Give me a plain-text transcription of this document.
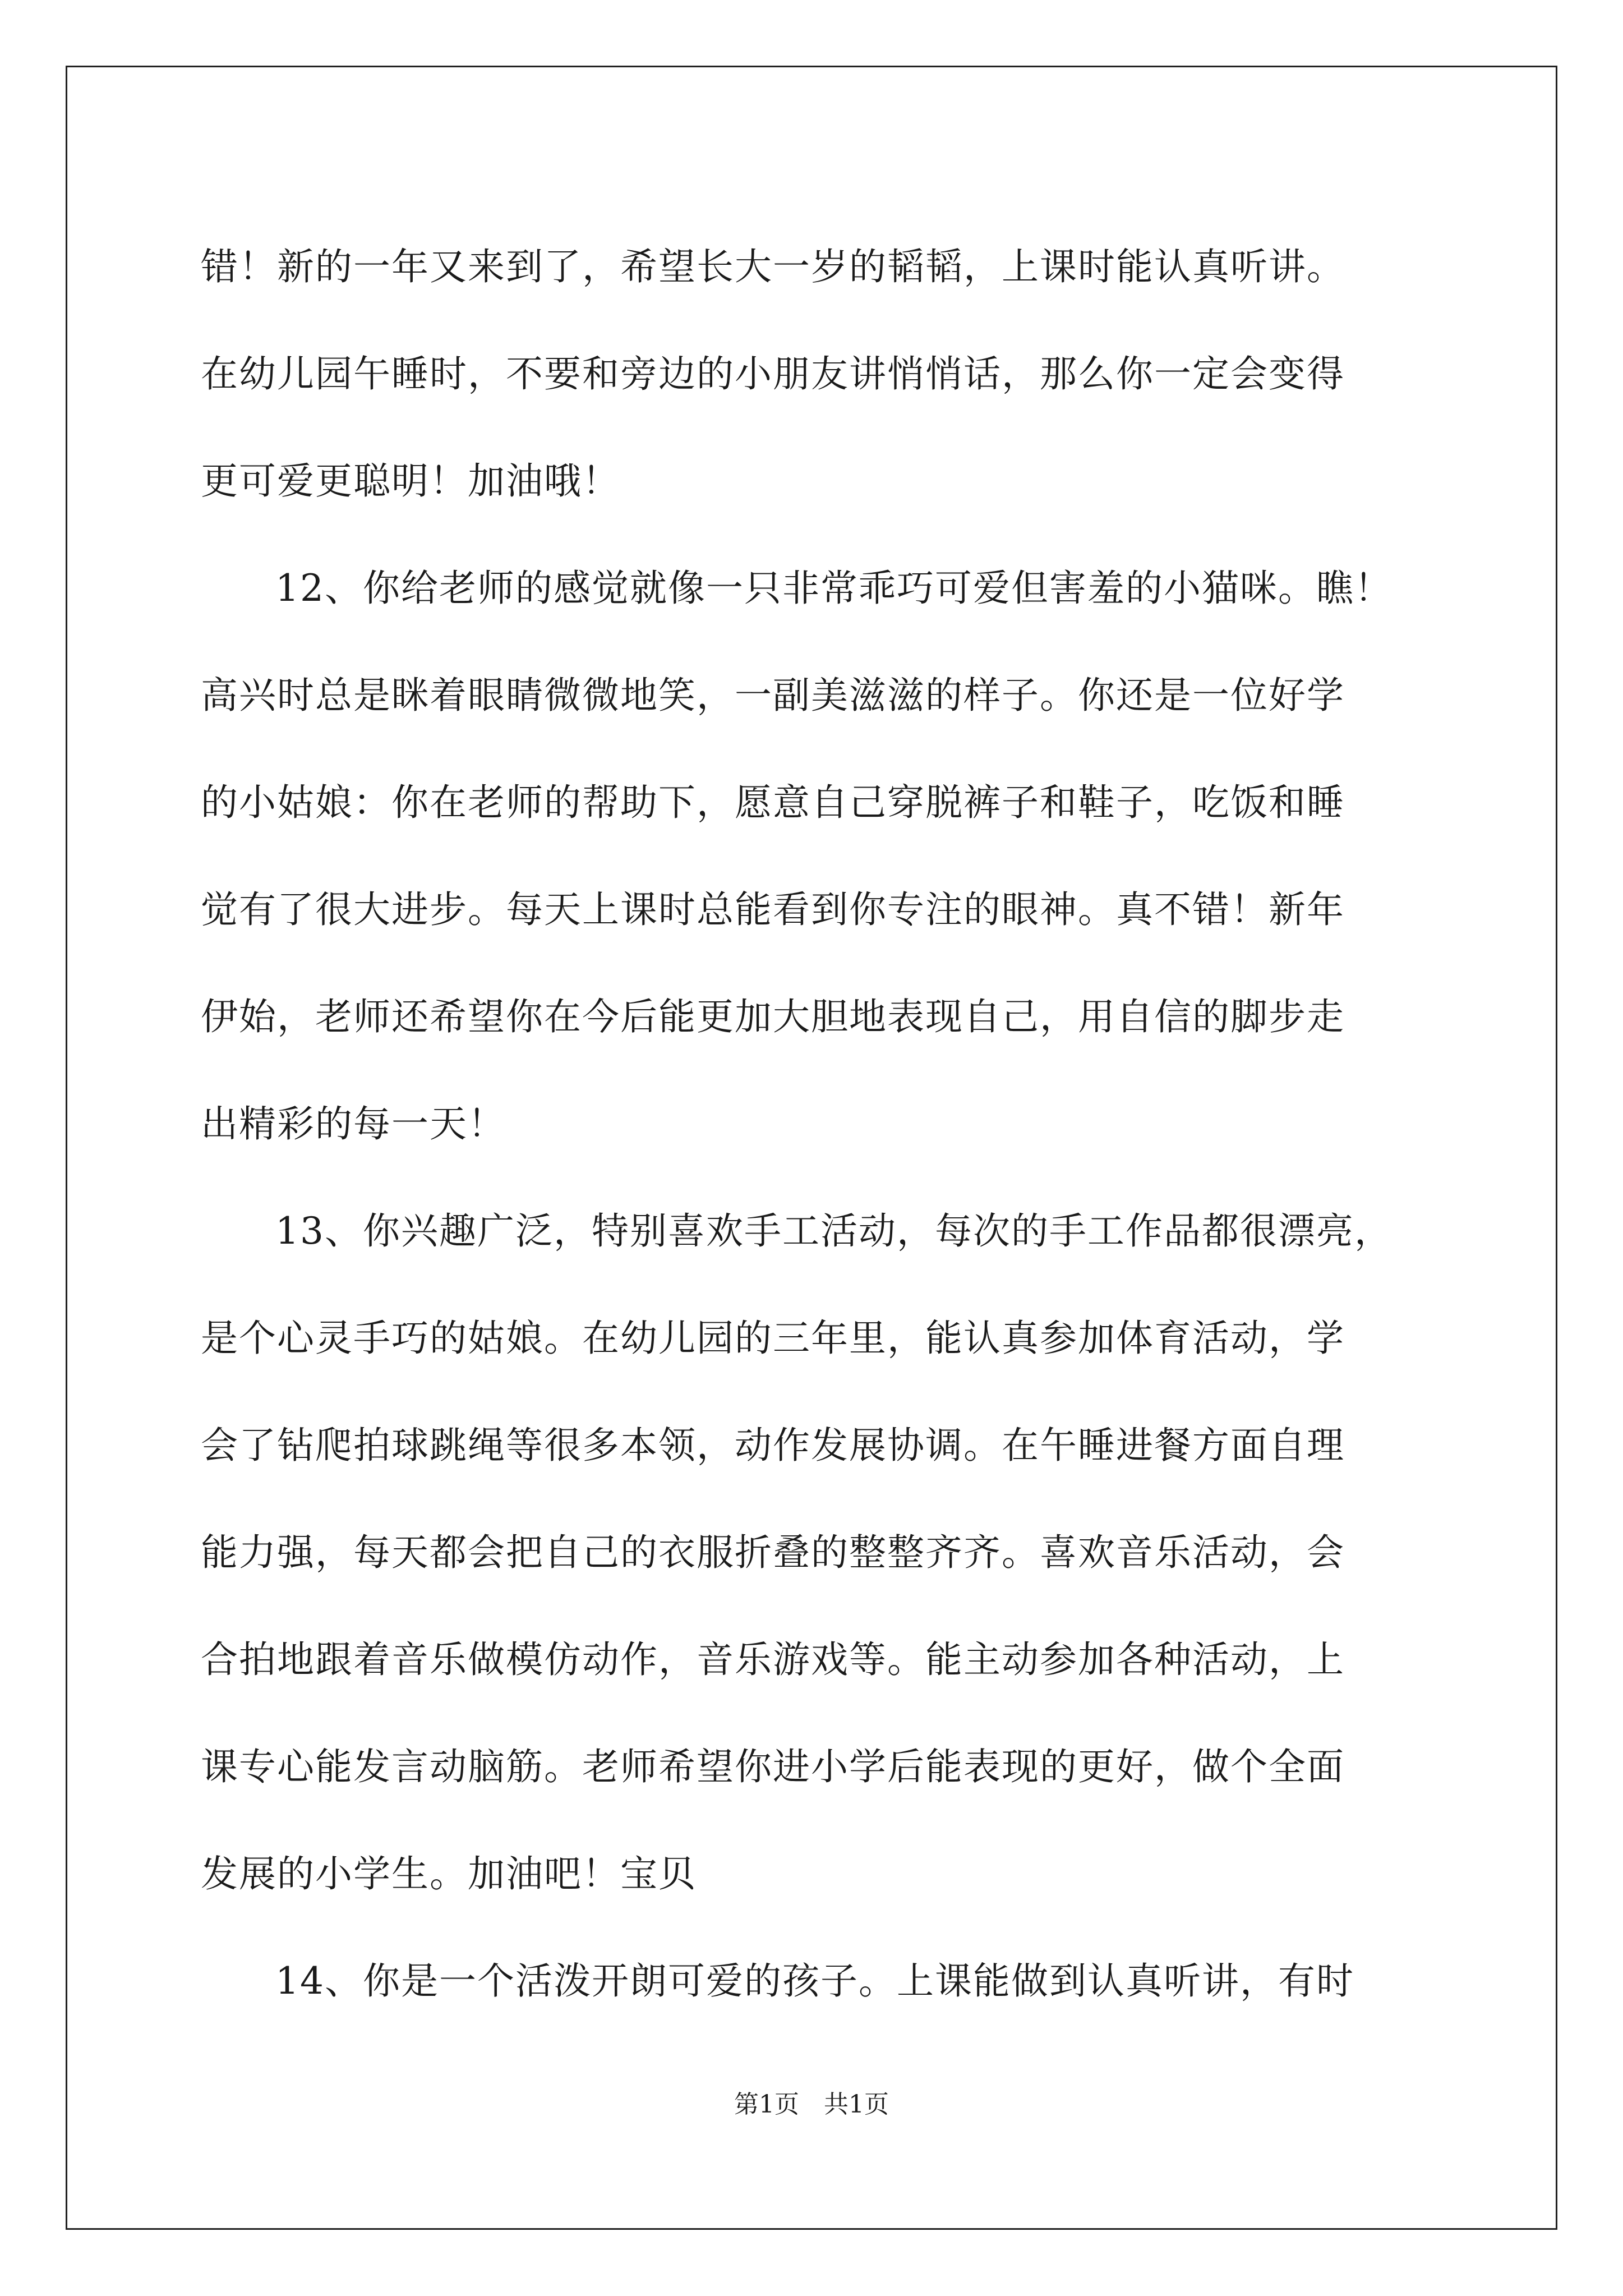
错！新的一年又来到了，希望长大一岁的韬韬，上课时能认真听讲。
在幼儿园午睡时，不要和旁边的小朋友讲悄悄话，那么你一定会变得
更可爱更聪明！加油哦！
12、你给老师的感觉就像一只非常乖巧可爱但害羞的小猫咪。瞧！
高兴时总是眯着眼睛微微地笑，一副美滋滋的样子。你还是一位好学
的小姑娘：你在老师的帮助下，愿意自己穿脱裤子和鞋子，吃饭和睡
觉有了很大进步。每天上课时总能看到你专注的眼神。真不错！新年
伊始，老师还希望你在今后能更加大胆地表现自己，用自信的脚步走
出精彩的每一天！
13、你兴趣广泛，特别喜欢手工活动，每次的手工作品都很漂亮，
是个心灵手巧的姑娘。在幼儿园的三年里，能认真参加体育活动，学
会了钻爬拍球跳绳等很多本领，动作发展协调。在午睡进餐方面自理
能力强，每天都会把自己的衣服折叠的整整齐齐。喜欢音乐活动，会
合拍地跟着音乐做模仿动作，音乐游戏等。能主动参加各种活动，上
课专心能发言动脑筋。老师希望你进小学后能表现的更好，做个全面
发展的小学生。加油吧！宝贝
14、你是一个活泼开朗可爱的孩子。上课能做到认真听讲，有时
第1页　共1页
